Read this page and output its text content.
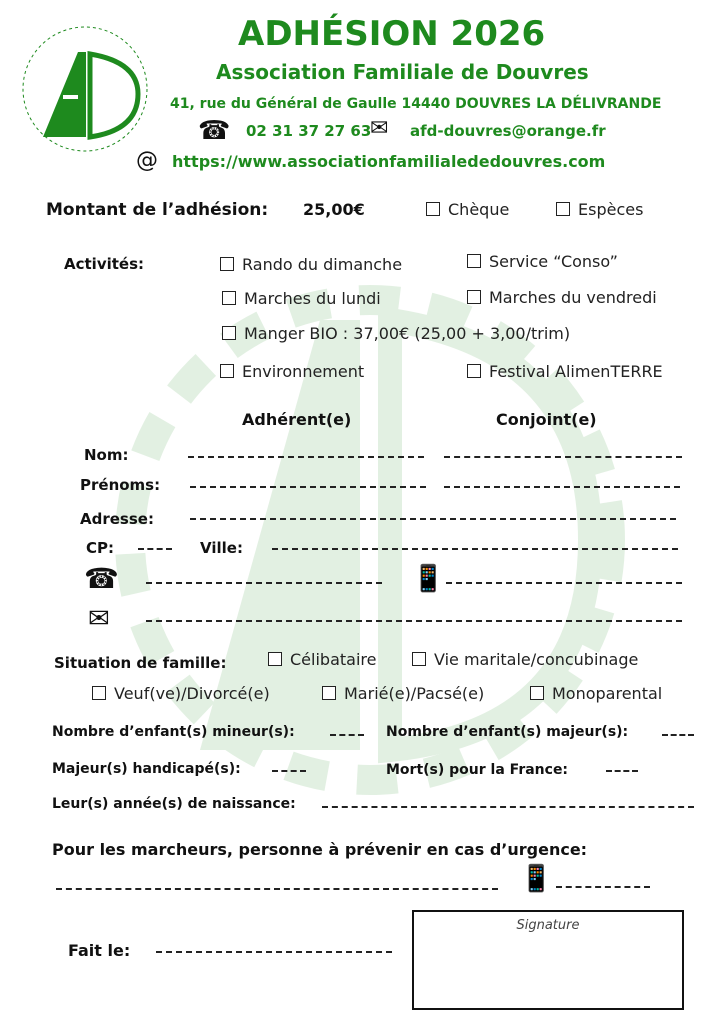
ADHÉSION 2026
Association Familiale de Douvres
41, rue du Général de Gaulle 14440 DOUVRES LA DÉLIVRANDE
☎ 02 31 37 27 63
✉ afd-douvres@orange.fr
@ https://www.associationfamilialededouvres.com
Montant de l’adhésion: 25,00€	Chèque	Espèces
Activités:	Rando du dimanche	Service “Conso”
Marches du lundi	Marches du vendredi
Manger BIO : 37,00€ (25,00 + 3,00/trim)
Environnement	Festival AlimenTERRE
Adhérent(e)	Conjoint(e)
Nom:
Prénoms:
Adresse:
CP:	Ville:
☎	📱
✉
Situation de famille:	Célibataire	Vie maritale/concubinage
Veuf(ve)/Divorcé(e)	Marié(e)/Pacsé(e)	Monoparental
Nombre d’enfant(s) mineur(s):	Nombre d’enfant(s) majeur(s):
Majeur(s) handicapé(s):	Mort(s) pour la France:
Leur(s) année(s) de naissance:
Pour les marcheurs, personne à prévenir en cas d’urgence:
📱
Fait le:
Signature
